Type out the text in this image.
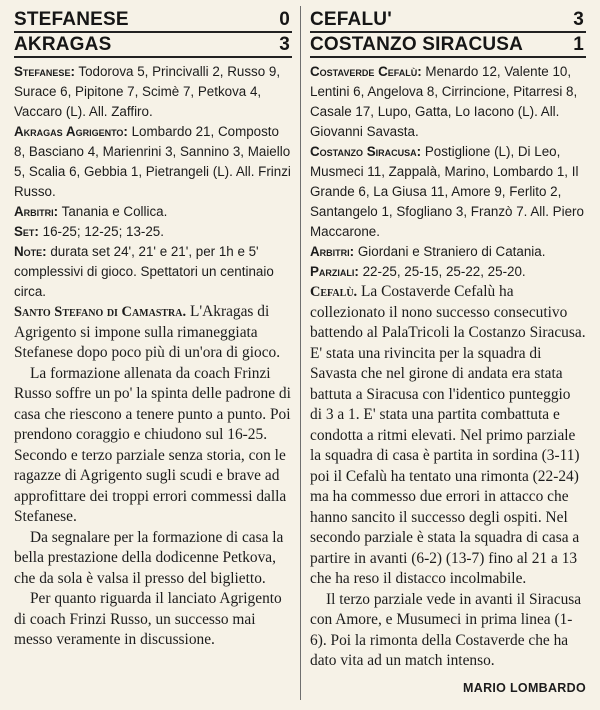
STEFANESE	0
AKRAGAS	3

Stefanese: Todorova 5, Princivalli 2, Russo 9, Surace 6, Pipitone 7, Scimè 7, Petkova 4, Vaccaro (L). All. Zaffiro.

Akragas Agrigento: Lombardo 21, Composto 8, Basciano 4, Marienrini 3, Sannino 3, Maiello 5, Scalia 6, Gebbia 1, Pietrangeli (L). All. Frinzi Russo.

Arbitri: Tanania e Collica.

Set: 16-25; 12-25; 13-25.

Note: durata set 24', 21' e 21', per 1h e 5' complessivi di gioco. Spettatori un centinaio circa.

Santo Stefano di Camastra. L'Akragas di Agrigento si impone sulla rimaneggiata Stefanese dopo poco più di un'ora di gioco.

La formazione allenata da coach Frinzi Russo soffre un po' la spinta delle padrone di casa che riescono a tenere punto a punto. Poi prendono coraggio e chiudono sul 16-25. Secondo e terzo parziale senza storia, con le ragazze di Agrigento sugli scudi e brave ad approfittare dei troppi errori commessi dalla Stefanese.

Da segnalare per la formazione di casa la bella prestazione della dodicenne Petkova, che da sola è valsa il presso del biglietto.

Per quanto riguarda il lanciato Agrigento di coach Frinzi Russo, un successo mai messo veramente in discussione.

CEFALU'	3
COSTANZO SIRACUSA	1

Costaverde Cefalù: Menardo 12, Valente 10, Lentini 6, Angelova 8, Cirrincione, Pitarresi 8, Casale 17, Lupo, Gatta, Lo Iacono (L). All. Giovanni Savasta.

Costanzo Siracusa: Postiglione (L), Di Leo, Musmeci 11, Zappalà, Marino, Lombardo 1, Il Grande 6, La Giusa 11, Amore 9, Ferlito 2, Santangelo 1, Sfogliano 3, Franzò 7. All. Piero Maccarone.

Arbitri: Giordani e Straniero di Catania.

Parziali: 22-25, 25-15, 25-22, 25-20.

Cefalù. La Costaverde Cefalù ha collezionato il nono successo consecutivo battendo al PalaTricoli la Costanzo Siracusa. E' stata una rivincita per la squadra di Savasta che nel girone di andata era stata battuta a Siracusa con l'identico punteggio di 3 a 1. E' stata una partita combattuta e condotta a ritmi elevati. Nel primo parziale la squadra di casa è partita in sordina (3-11) poi il Cefalù ha tentato una rimonta (22-24) ma ha commesso due errori in attacco che hanno sancito il successo degli ospiti. Nel secondo parziale è stata la squadra di casa a partire in avanti (6-2) (13-7) fino al 21 a 13 che ha reso il distacco incolmabile.

Il terzo parziale vede in avanti il Siracusa con Amore, e Musumeci in prima linea (1-6). Poi la rimonta della Costaverde che ha dato vita ad un match intenso.

MARIO LOMBARDO
